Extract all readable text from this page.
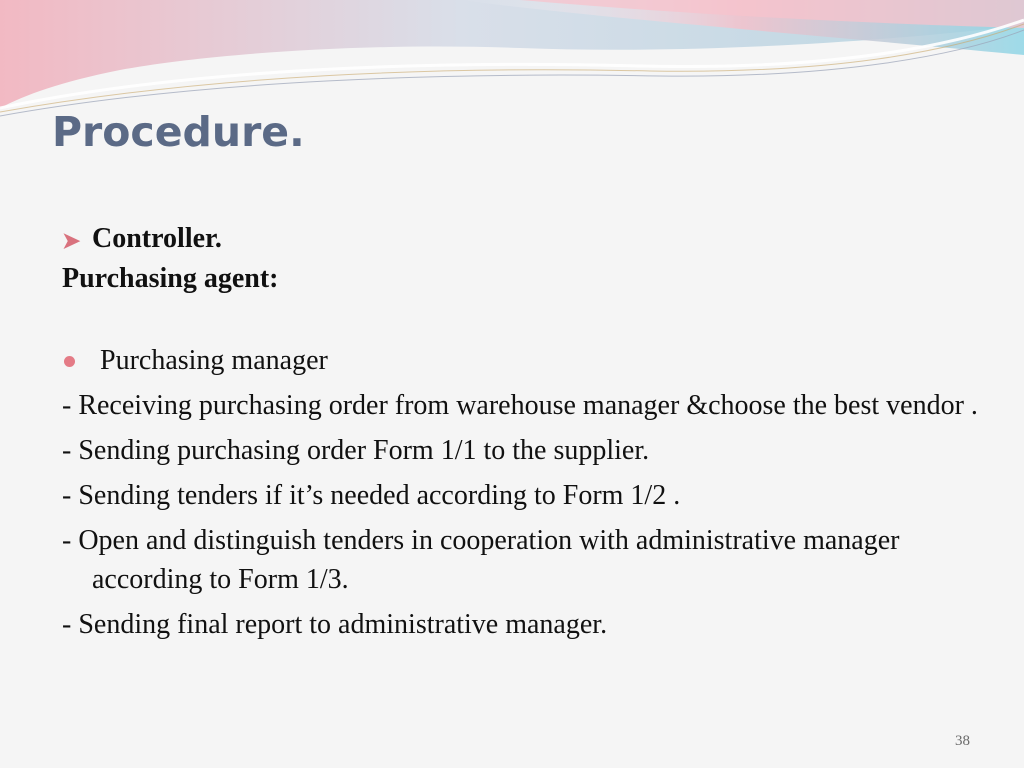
Procedure.
➤ Controller.
Purchasing agent:
Purchasing manager
- Receiving purchasing order from warehouse manager &choose the best vendor .
- Sending purchasing order Form 1/1 to the supplier.
- Sending tenders if it’s needed according to Form 1/2 .
- Open and distinguish tenders in cooperation with administrative manager according to Form 1/3.
- Sending final report to administrative manager.
38
